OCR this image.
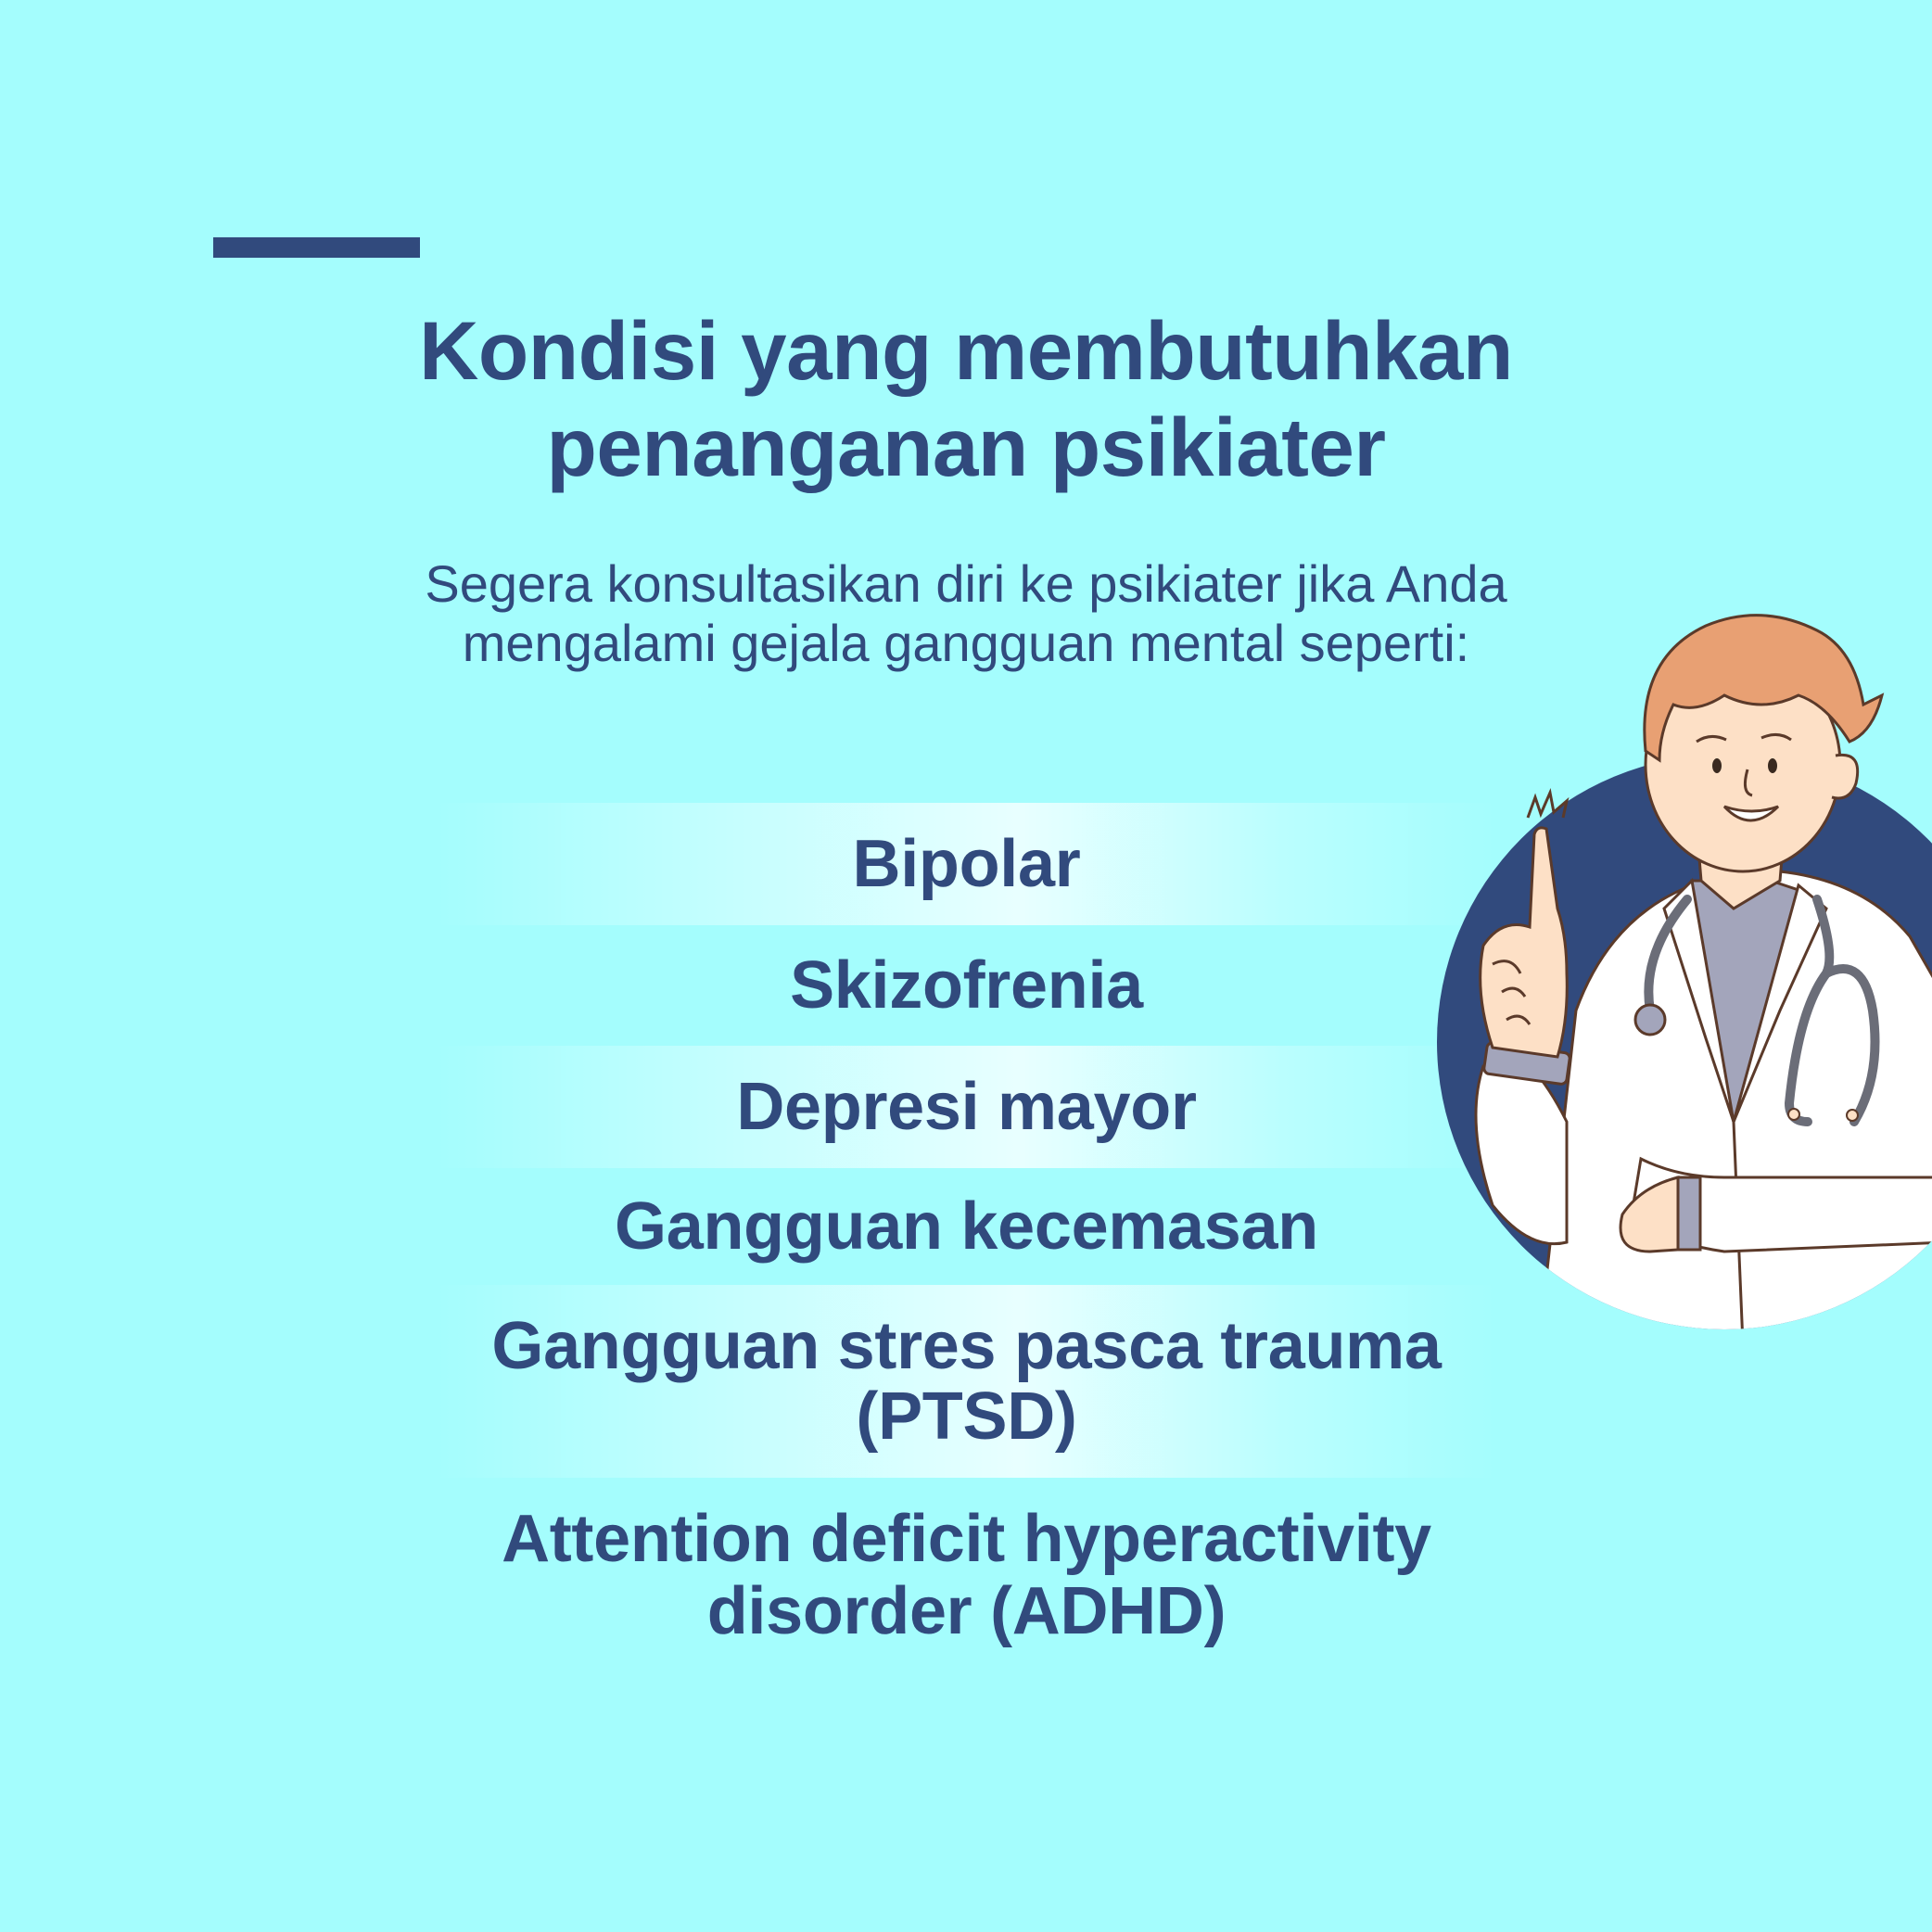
Kondisi yang membutuhkan
penanganan psikiater

Segera konsultasikan diri ke psikiater jika Anda
mengalami gejala gangguan mental seperti:

Bipolar
Skizofrenia
Depresi mayor
Gangguan kecemasan
Gangguan stres pasca trauma
(PTSD)
Attention deficit hyperactivity
disorder (ADHD)
